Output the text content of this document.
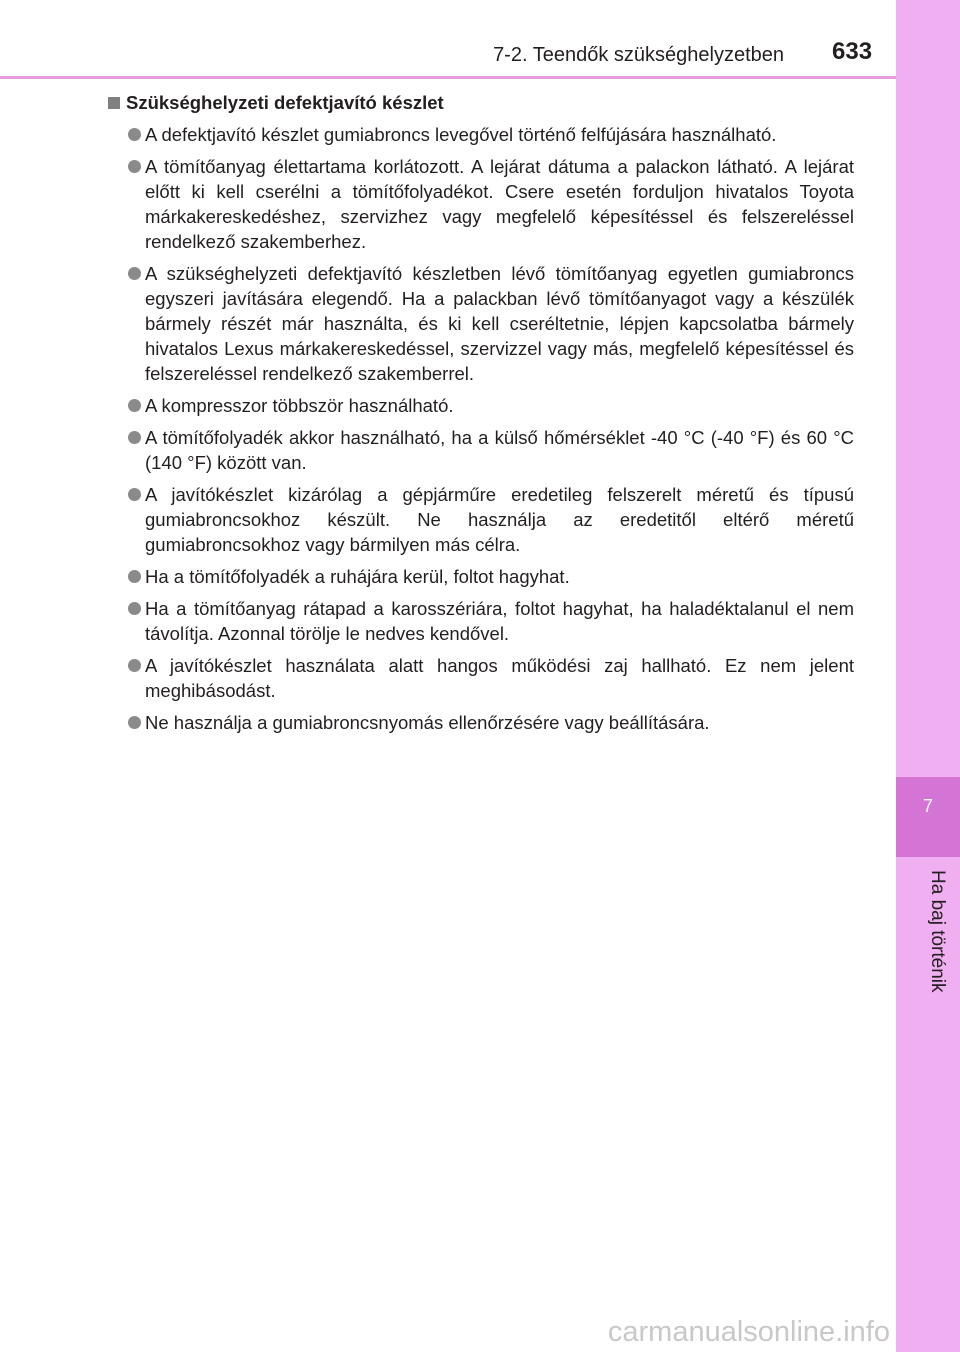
7-2. Teendők szükséghelyzetben 633
7
Ha baj történik
Szükséghelyzeti defektjavító készlet
A defektjavító készlet gumiabroncs levegővel történő felfújására használható.
A tömítőanyag élettartama korlátozott. A lejárat dátuma a palackon látható. A lejárat előtt ki kell cserélni a tömítőfolyadékot. Csere esetén forduljon hivatalos Toyota márkakereskedéshez, szervizhez vagy megfelelő képesítéssel és felszereléssel rendelkező szakemberhez.
A szükséghelyzeti defektjavító készletben lévő tömítőanyag egyetlen gumiabroncs egyszeri javítására elegendő. Ha a palackban lévő tömítőanyagot vagy a készülék bármely részét már használta, és ki kell cseréltetnie, lépjen kapcsolatba bármely hivatalos Lexus márkakereskedéssel, szervizzel vagy más, megfelelő képesítéssel és felszereléssel rendelkező szakemberrel.
A kompresszor többször használható.
A tömítőfolyadék akkor használható, ha a külső hőmérséklet -40 °C (-40 °F) és 60 °C (140 °F) között van.
A javítókészlet kizárólag a gépjárműre eredetileg felszerelt méretű és típusú gumiabroncsokhoz készült. Ne használja az eredetitől eltérő méretű gumiabroncsokhoz vagy bármilyen más célra.
Ha a tömítőfolyadék a ruhájára kerül, foltot hagyhat.
Ha a tömítőanyag rátapad a karosszériára, foltot hagyhat, ha haladéktalanul el nem távolítja. Azonnal törölje le nedves kendővel.
A javítókészlet használata alatt hangos működési zaj hallható. Ez nem jelent meghibásodást.
Ne használja a gumiabroncsnyomás ellenőrzésére vagy beállítására.
carmanualsonline.info
